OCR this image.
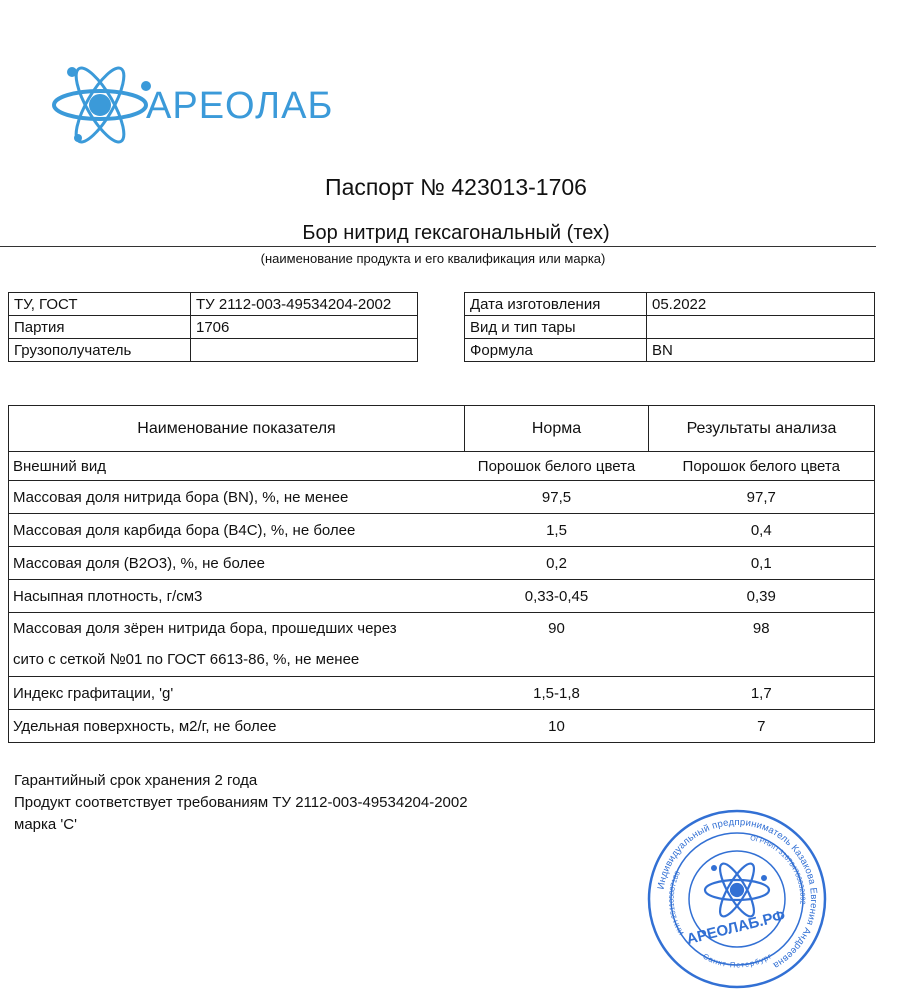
АРЕОЛАБ
Паспорт № 423013-1706
Бор нитрид гексагональный (тех)
(наименование продукта и его квалификация или марка)
ТУ, ГОСТ	ТУ 2112-003-49534204-2002
Партия	1706
Грузополучатель	
Дата изготовления	05.2022
Вид и тип тары	
Формула	BN
Наименование показателя	Норма	Результаты анализа
Внешний вид	Порошок белого цвета	Порошок белого цвета
Массовая доля нитрида бора (BN), %, не менее	97,5	97,7
Массовая доля карбида бора (B4C), %, не более	1,5	0,4
Массовая доля (B2O3), %, не более	0,2	0,1
Насыпная плотность, г/см3	0,33-0,45	0,39

Массовая доля зёрен нитрида бора, прошедших через
сито с сеткой №01 по ГОСТ 6613-86, %, не менее	90	98
Индекс графитации, 'g'	1,5-1,8	1,7
Удельная поверхность, м2/г, не более	10	7
Гарантийный срок хранения 2 года
Продукт соответствует требованиям ТУ 2112-003-49534204-2002
марка 'С'
Индивидуальный предприниматель Казакова Евгения Андреевна
ИНН 251105887188
ОГРНИП 316784700032092
Санкт-Петербург
АРЕОЛАБ.РФ
